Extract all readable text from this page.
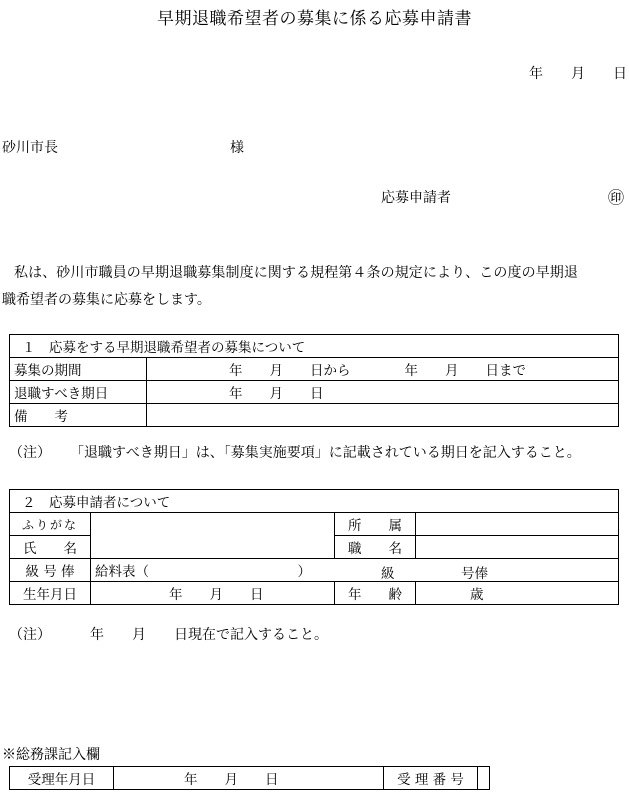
早期退職希望者の募集に係る応募申請書
年　　月　　日
砂川市長	様
応募申請者	㊞
私は、砂川市職員の早期退職募集制度に関する規程第４条の規定により、この度の早期退
職希望者の募集に応募をします。
１　応募をする早期退職希望者の募集について	
募集の期間	年　　月　　日から　　　　年　　月　　日まで
退職すべき期日	年　　月　　日
備　　考	
（注） 「退職すべき期日」は、「募集実施要項」に記載されている期日を記入すること。
２　応募申請者について			
ふりがな		所　　属	
氏　　名		職　　名	
級 号 俸	給料表（　　　　　　　　　　　） 級 号俸		

生年月日	年　　月　　日	年　　齢	歳
（注）	年　　月　　日現在で記入すること。
※総務課記入欄
受理年月日	年　　月　　日	受 理 番 号	
